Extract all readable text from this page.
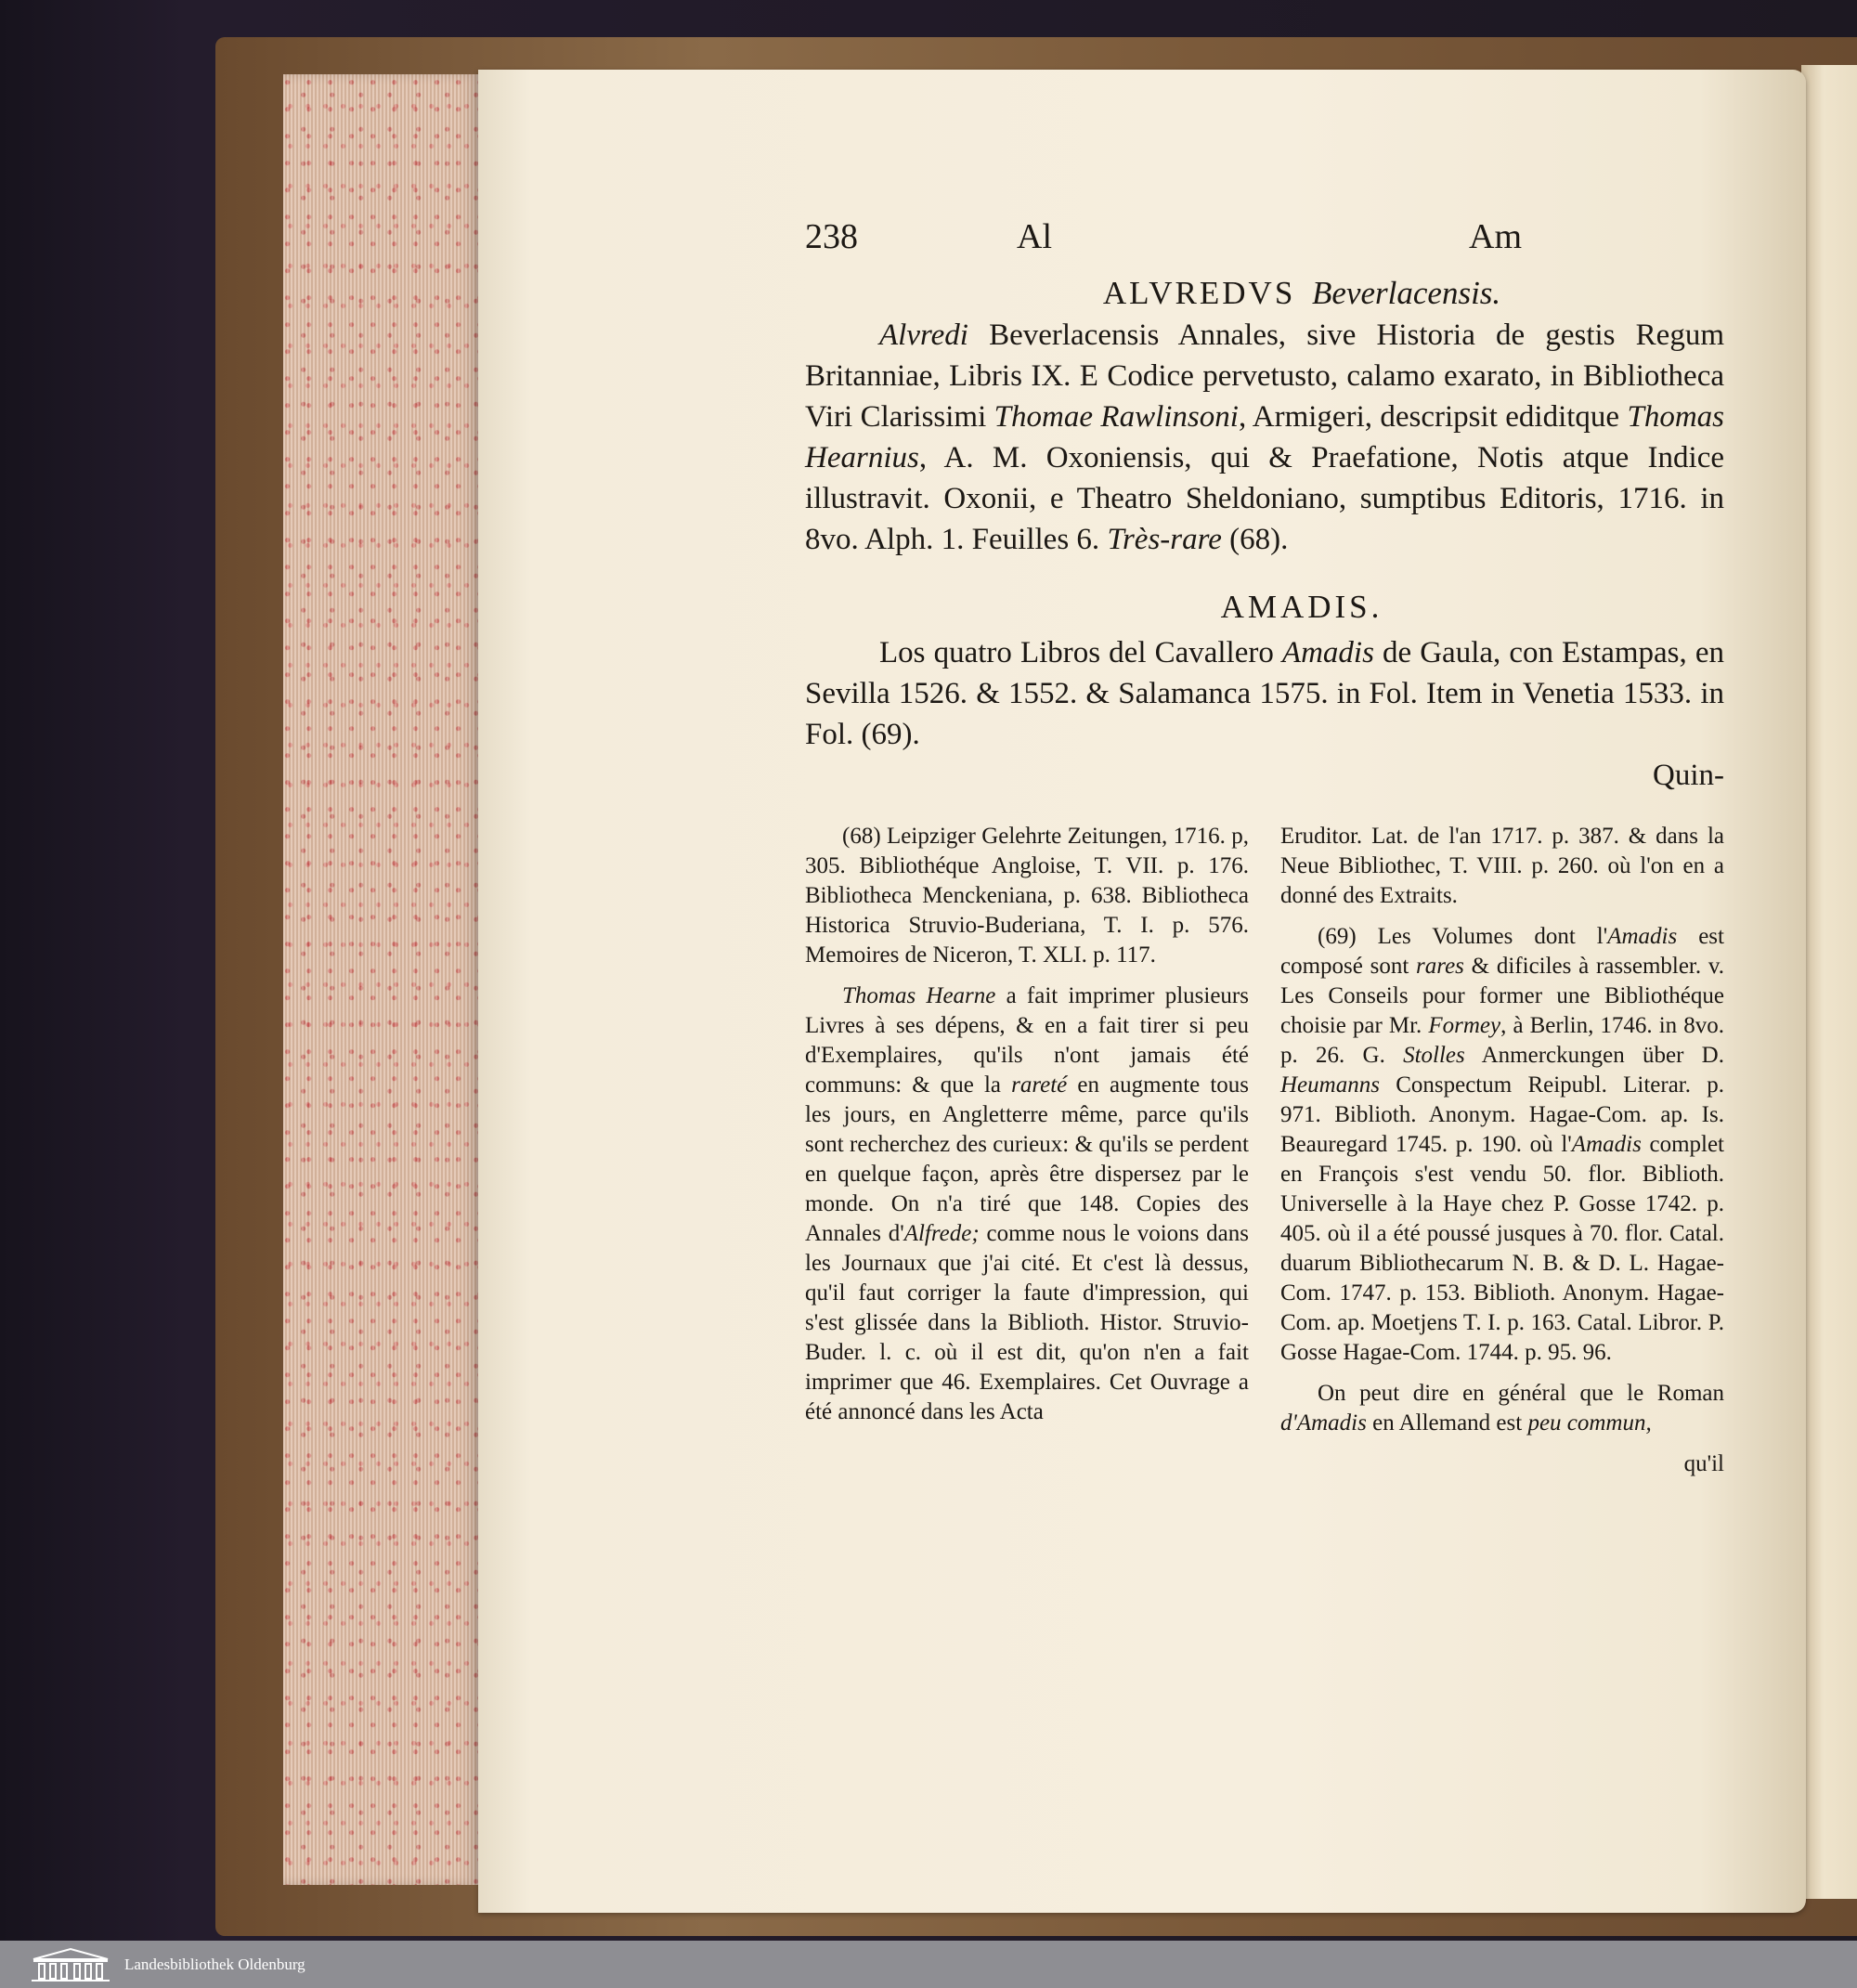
238	Al	Am
ALVREDVS Beverlacensis.

Alvredi Beverlacensis Annales, sive Historia de gestis Regum Britanniae, Libris IX. E Codice pervetusto, calamo exarato, in Bibliotheca Viri Clarissimi Thomae Rawlinsoni, Armigeri, descripsit ediditque Thomas Hearnius, A. M. Oxoniensis, qui & Praefatione, Notis atque Indice illustravit. Oxonii, e Theatro Sheldoniano, sumptibus Editoris, 1716. in 8vo. Alph. 1. Feuilles 6. Très-rare (68).

AMADIS.

Los quatro Libros del Cavallero Amadis de Gaula, con Estampas, en Sevilla 1526. & 1552. & Salamanca 1575. in Fol. Item in Venetia 1533. in Fol. (69).

Quin-

(68) Leipziger Gelehrte Zeitungen, 1716. p, 305. Bibliothéque Angloise, T. VII. p. 176. Bibliotheca Menckeniana, p. 638. Bibliotheca Historica Struvio-Buderiana, T. I. p. 576. Memoires de Niceron, T. XLI. p. 117.

Thomas Hearne a fait imprimer plusieurs Livres à ses dépens, & en a fait tirer si peu d'Exemplaires, qu'ils n'ont jamais été communs: & que la rareté en augmente tous les jours, en Angletterre même, parce qu'ils sont recherchez des curieux: & qu'ils se perdent en quelque façon, après être dispersez par le monde. On n'a tiré que 148. Copies des Annales d'Alfrede; comme nous le voions dans les Journaux que j'ai cité. Et c'est là dessus, qu'il faut corriger la faute d'impression, qui s'est glissée dans la Biblioth. Histor. Struvio-Buder. l. c. où il est dit, qu'on n'en a fait imprimer que 46. Exemplaires. Cet Ouvrage a été annoncé dans les Acta

Eruditor. Lat. de l'an 1717. p. 387. & dans la Neue Bibliothec, T. VIII. p. 260. où l'on en a donné des Extraits.

(69) Les Volumes dont l'Amadis est composé sont rares & dificiles à rassembler. v. Les Conseils pour former une Bibliothéque choisie par Mr. Formey, à Berlin, 1746. in 8vo. p. 26. G. Stolles Anmerckungen über D. Heumanns Conspectum Reipubl. Literar. p. 971. Biblioth. Anonym. Hagae-Com. ap. Is. Beauregard 1745. p. 190. où l'Amadis complet en François s'est vendu 50. flor. Biblioth. Universelle à la Haye chez P. Gosse 1742. p. 405. où il a été poussé jusques à 70. flor. Catal. duarum Bibliothecarum N. B. & D. L. Hagae-Com. 1747. p. 153. Biblioth. Anonym. Hagae-Com. ap. Moetjens T. I. p. 163. Catal. Libror. P. Gosse Hagae-Com. 1744. p. 95. 96.

On peut dire en général que le Roman d'Amadis en Allemand est peu commun,

qu'il

Landesbibliothek Oldenburg
